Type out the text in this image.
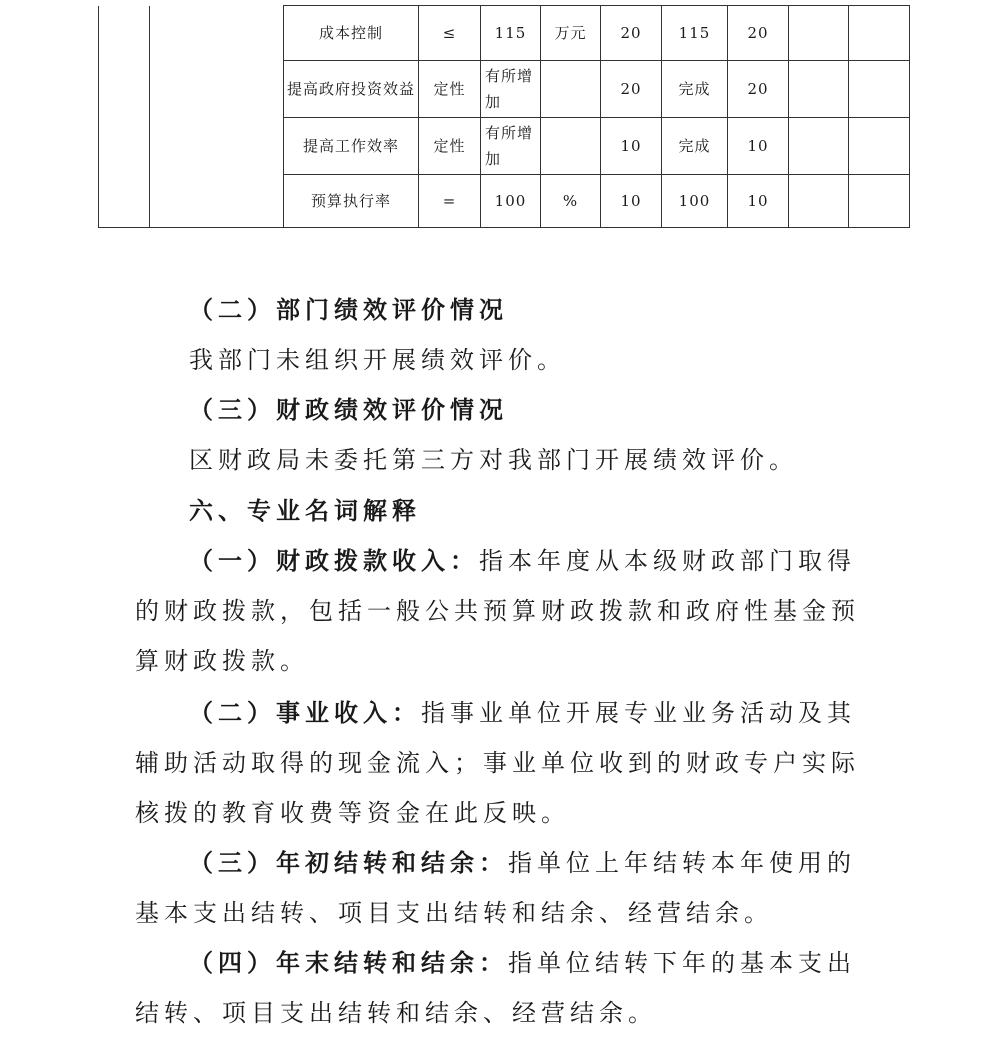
		成本控制	≤	115	万元	20	115	20		
		提高政府投资效益	定性	有所增加		20	完成	20		
		提高工作效率	定性	有所增加		10	完成	10		
		预算执行率	=	100	%	10	100	10		

（二）部门绩效评价情况

我部门未组织开展绩效评价。

（三）财政绩效评价情况

区财政局未委托第三方对我部门开展绩效评价。

六、专业名词解释

（一）财政拨款收入：指本年度从本级财政部门取得的财政拨款，包括一般公共预算财政拨款和政府性基金预算财政拨款。

（二）事业收入：指事业单位开展专业业务活动及其辅助活动取得的现金流入；事业单位收到的财政专户实际核拨的教育收费等资金在此反映。

（三）年初结转和结余：指单位上年结转本年使用的基本支出结转、项目支出结转和结余、经营结余。

（四）年末结转和结余：指单位结转下年的基本支出结转、项目支出结转和结余、经营结余。
